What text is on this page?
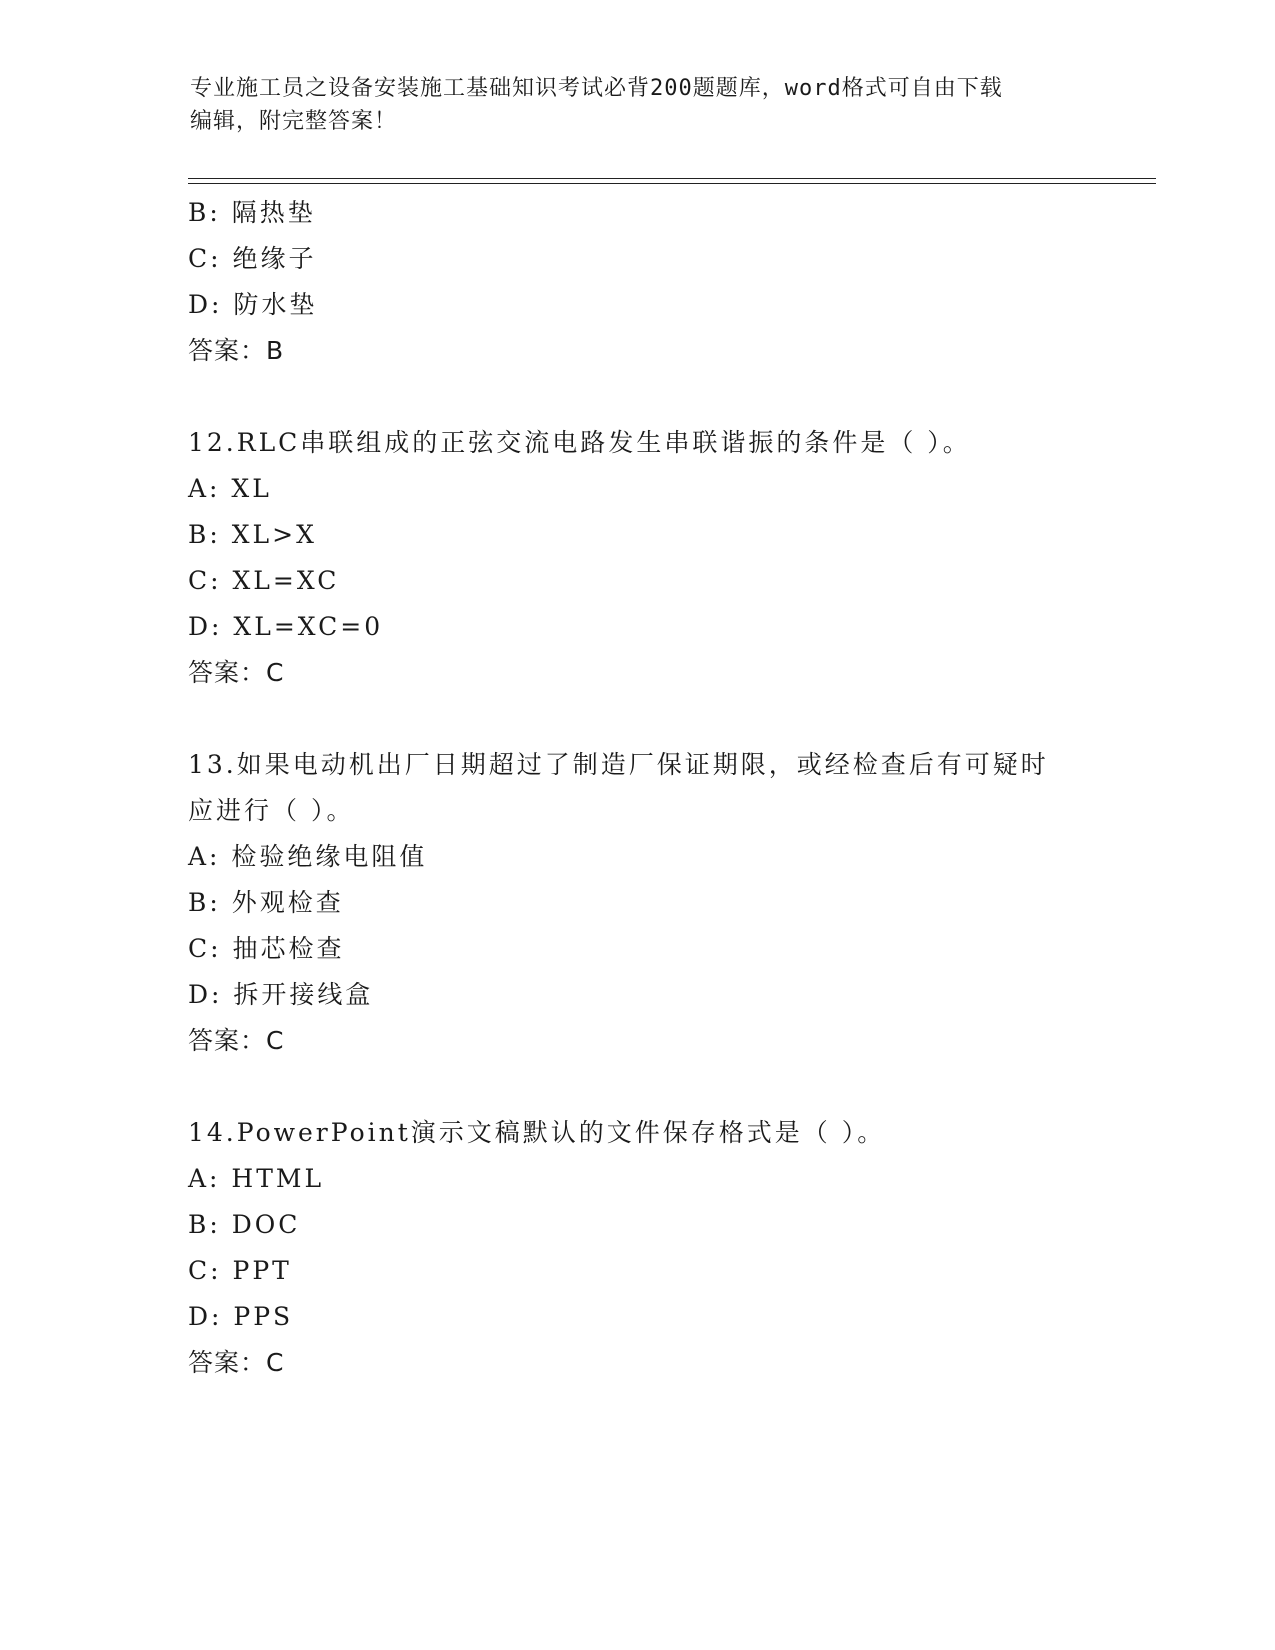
专业施工员之设备安装施工基础知识考试必背200题题库，word格式可自由下载
编辑，附完整答案！
B: 隔热垫
C: 绝缘子
D: 防水垫
答案：B
12.RLC串联组成的正弦交流电路发生串联谐振的条件是（ ）。
A: XL
B: XL>X
C: XL=XC
D: XL=XC=0
答案：C
13.如果电动机出厂日期超过了制造厂保证期限，或经检查后有可疑时
应进行（ ）。
A: 检验绝缘电阻值
B: 外观检查
C: 抽芯检查
D: 拆开接线盒
答案：C
14.PowerPoint演示文稿默认的文件保存格式是（ ）。
A: HTML
B: DOC
C: PPT
D: PPS
答案：C
